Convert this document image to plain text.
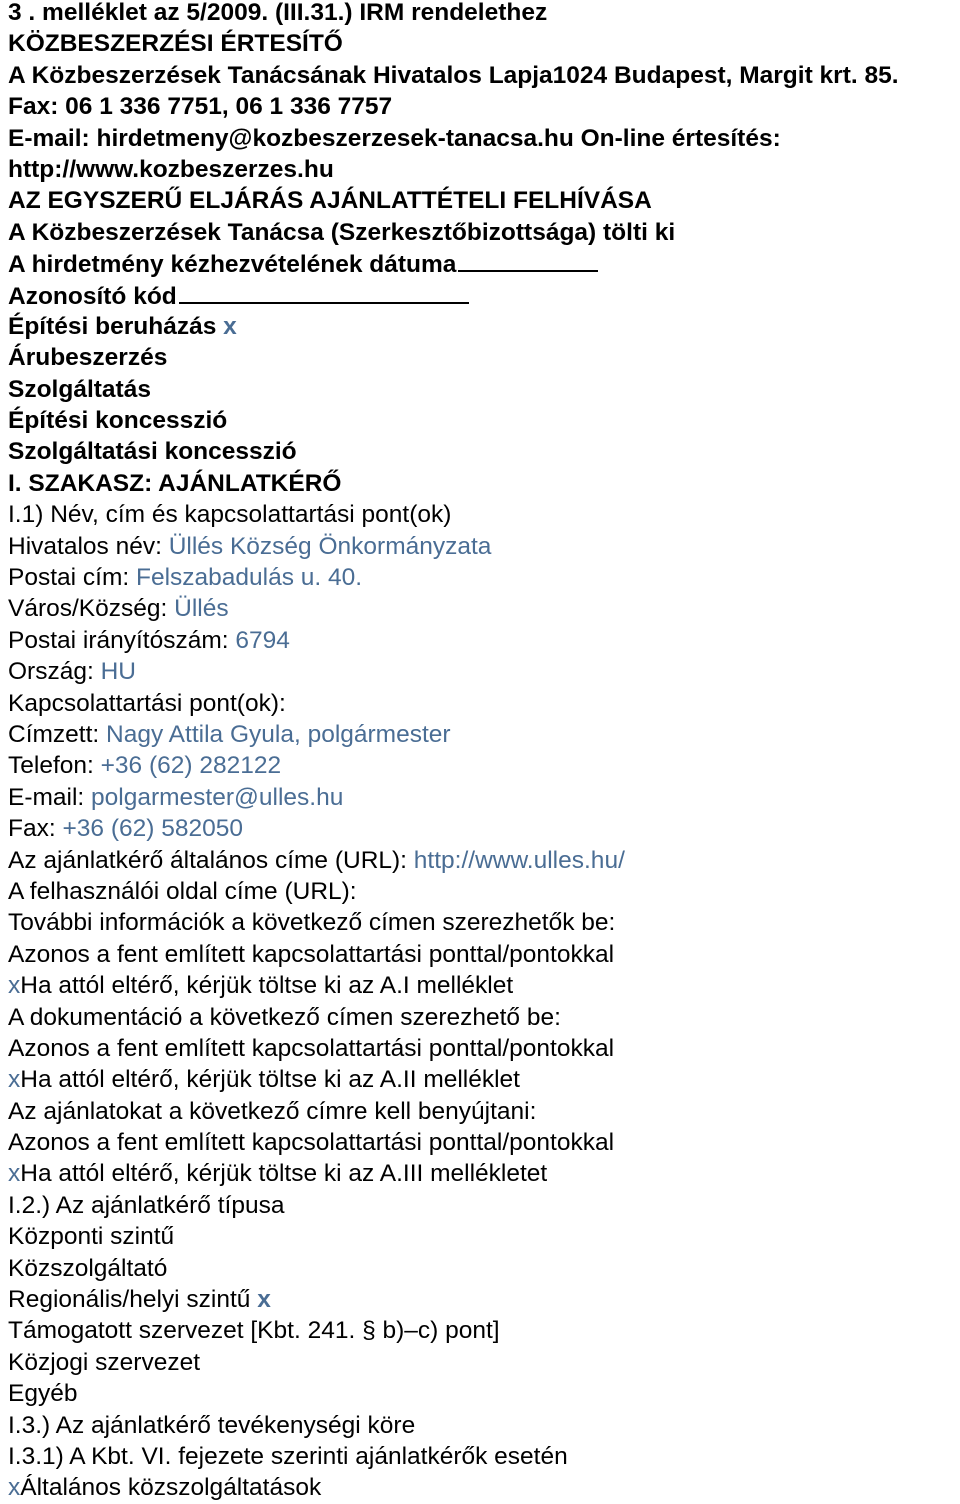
3 . melléklet az 5/2009. (III.31.) IRM rendelethez
KÖZBESZERZÉSI ÉRTESÍTŐ
A Közbeszerzések Tanácsának Hivatalos Lapja1024 Budapest, Margit krt. 85.
Fax: 06 1 336 7751, 06 1 336 7757
E-mail: hirdetmeny@kozbeszerzesek-tanacsa.hu On-line értesítés:
http://www.kozbeszerzes.hu
AZ EGYSZERŰ ELJÁRÁS AJÁNLATTÉTELI FELHÍVÁSA
A Közbeszerzések Tanácsa (Szerkesztőbizottsága) tölti ki
A hirdetmény kézhezvételének dátuma
Azonosító kód
Építési beruházás x
Árubeszerzés
Szolgáltatás
Építési koncesszió
Szolgáltatási koncesszió
I. SZAKASZ: AJÁNLATKÉRŐ
I.1) Név, cím és kapcsolattartási pont(ok)
Hivatalos név: Üllés Község Önkormányzata
Postai cím: Felszabadulás u. 40.
Város/Község: Üllés
Postai irányítószám: 6794
Ország: HU
Kapcsolattartási pont(ok):
Címzett: Nagy Attila Gyula, polgármester
Telefon: +36 (62) 282122
E-mail: polgarmester@ulles.hu
Fax: +36 (62) 582050
Az ajánlatkérő általános címe (URL): http://www.ulles.hu/
A felhasználói oldal címe (URL):
További információk a következő címen szerezhetők be:
Azonos a fent említett kapcsolattartási ponttal/pontokkal
xHa attól eltérő, kérjük töltse ki az A.I melléklet
A dokumentáció a következő címen szerezhető be:
Azonos a fent említett kapcsolattartási ponttal/pontokkal
xHa attól eltérő, kérjük töltse ki az A.II melléklet
Az ajánlatokat a következő címre kell benyújtani:
Azonos a fent említett kapcsolattartási ponttal/pontokkal
xHa attól eltérő, kérjük töltse ki az A.III mellékletet
I.2.) Az ajánlatkérő típusa
Központi szintű
Közszolgáltató
Regionális/helyi szintű x
Támogatott szervezet [Kbt. 241. § b)–c) pont]
Közjogi szervezet
Egyéb
I.3.) Az ajánlatkérő tevékenységi köre
I.3.1) A Kbt. VI. fejezete szerinti ajánlatkérők esetén
xÁltalános közszolgáltatások
